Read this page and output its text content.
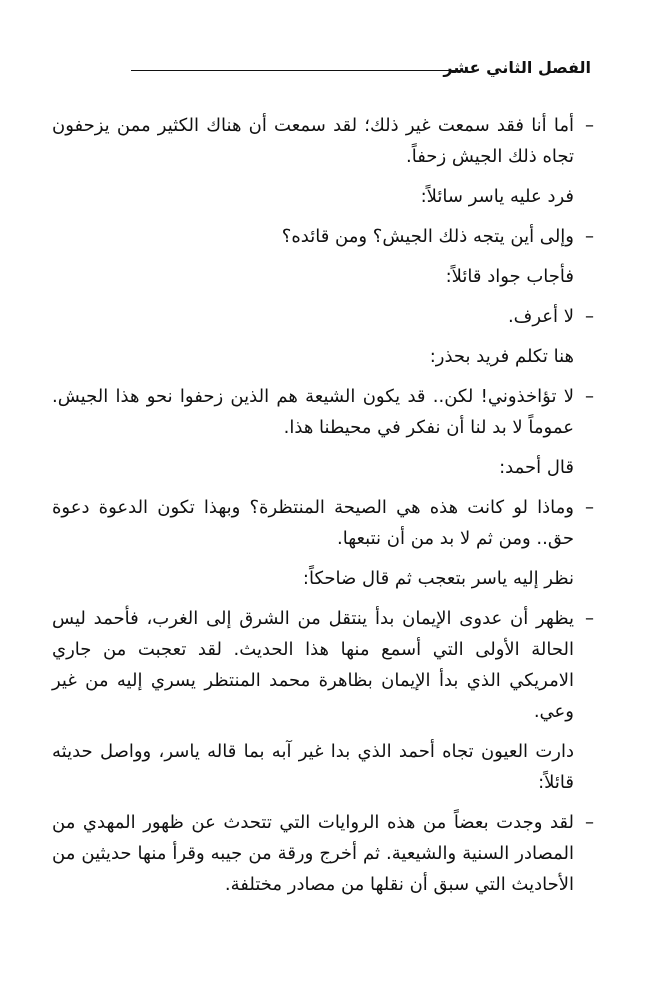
الفصل الثاني عشر
–
أما أنا فقد سمعت غير ذلك؛ لقد سمعت أن هناك الكثير ممن يزحفون تجاه ذلك الجيش زحفاً.
فرد عليه ياسر سائلاً:
–
وإلى أين يتجه ذلك الجيش؟ ومن قائده؟
فأجاب جواد قائلاً:
–
لا أعرف.
هنا تكلم فريد بحذر:
–
لا تؤاخذوني! لكن.. قد يكون الشيعة هم الذين زحفوا نحو هذا الجيش. عموماً لا بد لنا أن نفكر في محيطنا هذا.
قال أحمد:
–
وماذا لو كانت هذه هي الصيحة المنتظرة؟ وبهذا تكون الدعوة دعوة حق.. ومن ثم لا بد من أن نتبعها.
نظر إليه ياسر بتعجب ثم قال ضاحكاً:
–
يظهر أن عدوى الإيمان بدأ ينتقل من الشرق إلى الغرب، فأحمد ليس الحالة الأولى التي أسمع منها هذا الحديث. لقد تعجبت من جاري الامريكي الذي بدأ الإيمان بظاهرة محمد المنتظر يسري إليه من غير وعي.
دارت العيون تجاه أحمد الذي بدا غير آبه بما قاله ياسر، وواصل حديثه قائلاً:
–
لقد وجدت بعضاً من هذه الروايات التي تتحدث عن ظهور المهدي من المصادر السنية والشيعية. ثم أخرج ورقة من جيبه وقرأ منها حديثين من الأحاديث التي سبق أن نقلها من مصادر مختلفة.
